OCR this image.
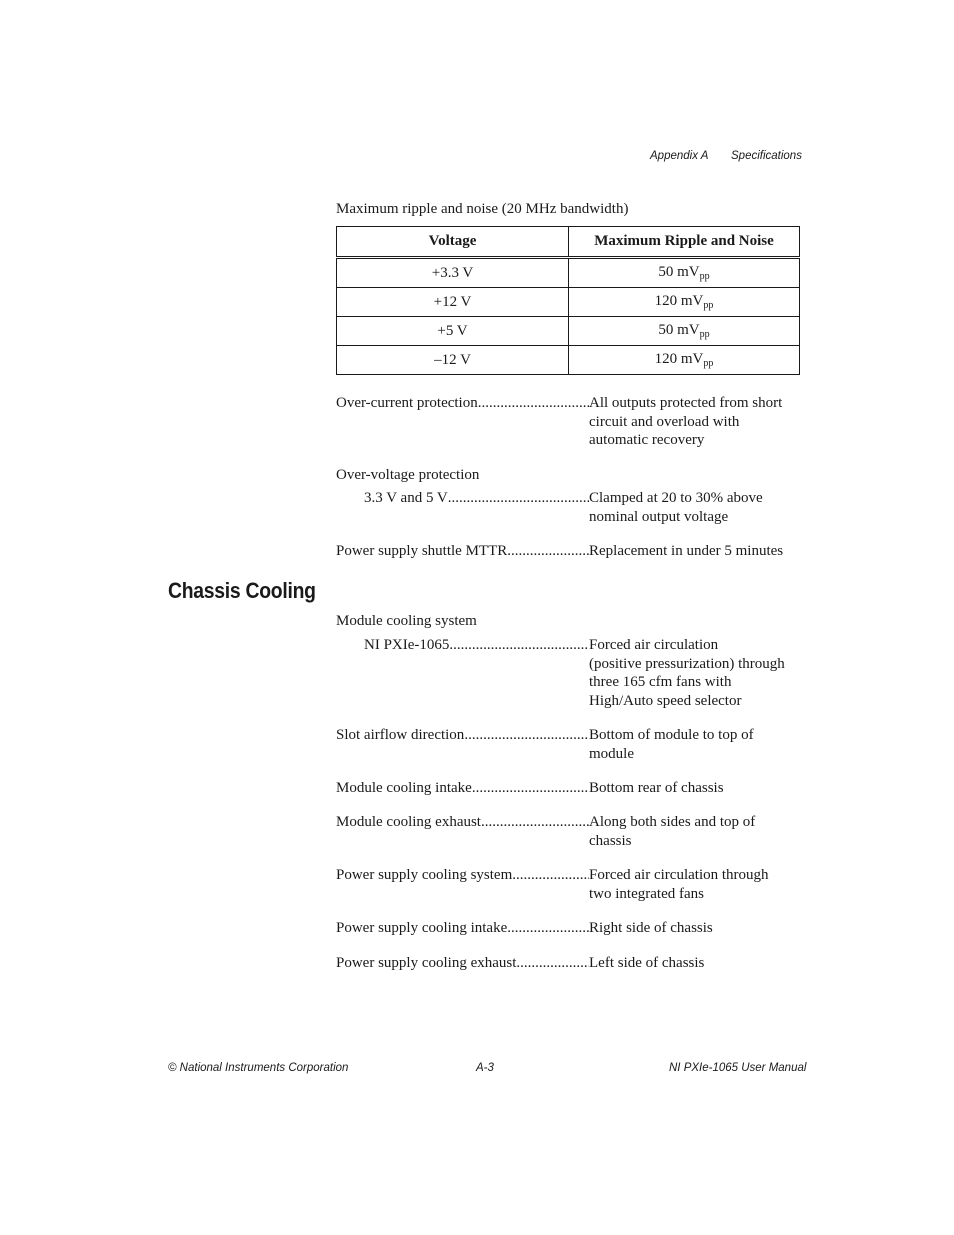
Appendix A Specifications
Maximum ripple and noise (20 MHz bandwidth)
Voltage	Maximum Ripple and Noise
+3.3 V	50 $mV_{pp}$
+12 V	120 $mV_{pp}$
+5 V	50 $mV_{pp}$
–12 V	120 $mV_{pp}$
Over-current protection .....	All outputs protected from short
circuit and overload with
automatic recovery
Over-voltage protection
3.3 V and 5 V .....	Clamped at 20 to 30% above
nominal output voltage
Power supply shuttle MTTR .....	Replacement in under 5 minutes
Chassis Cooling
Module cooling system
NI PXIe-1065 .....	Forced air circulation
(positive pressurization) through
three 165 cfm fans with
High/Auto speed selector
Slot airflow direction .....	Bottom of module to top of
module
Module cooling intake .....	Bottom rear of chassis
Module cooling exhaust .....	Along both sides and top of
chassis
Power supply cooling system .....	Forced air circulation through
two integrated fans
Power supply cooling intake .....	Right side of chassis
Power supply cooling exhaust .....	Left side of chassis
© National Instruments Corporation	A-3	NI PXIe-1065 User Manual
